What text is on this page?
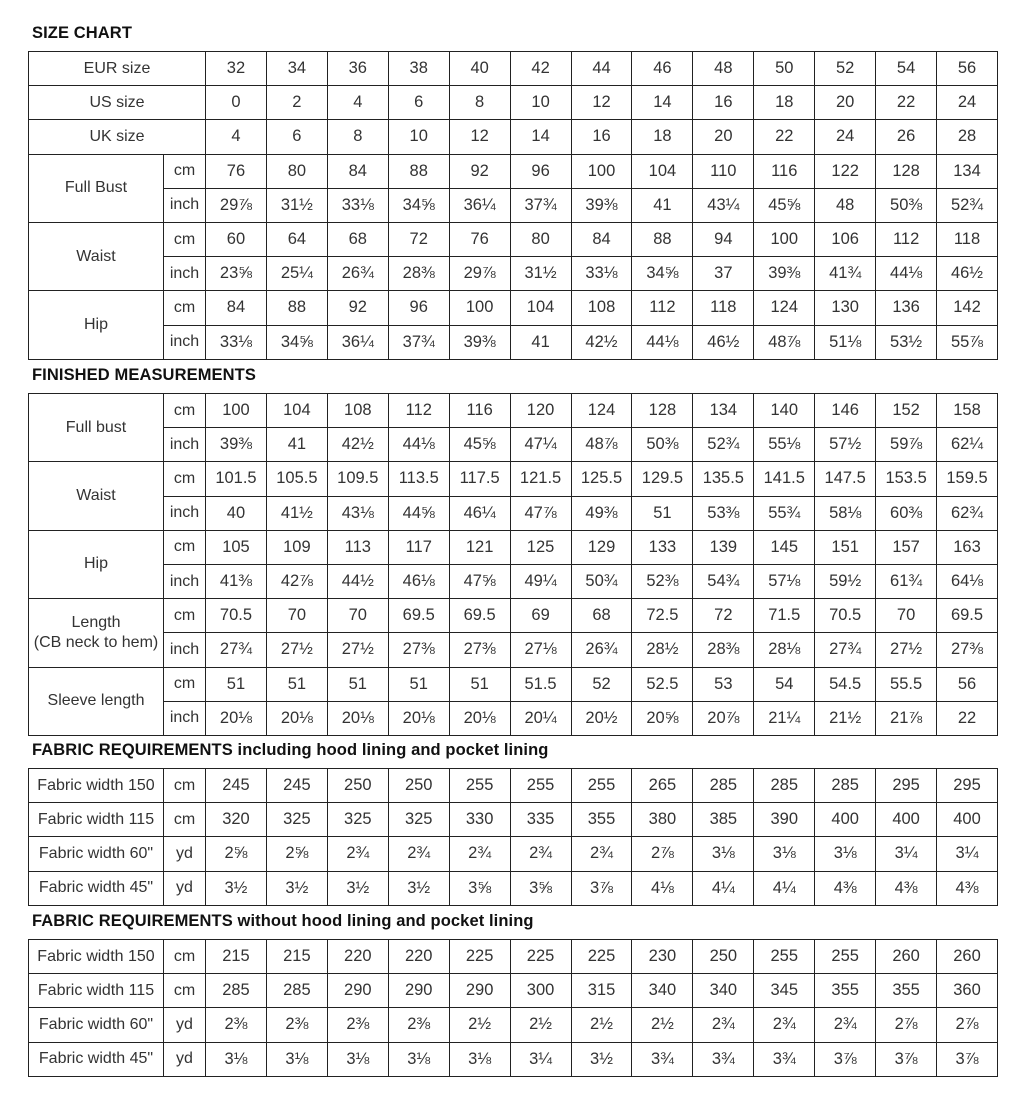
SIZE CHART
EUR size		32	34	36	38	40	42	44	46	48	50	52	54	56
US size		0	2	4	6	8	10	12	14	16	18	20	22	24
UK size		4	6	8	10	12	14	16	18	20	22	24	26	28

Full Bust	cm	76	80	84	88	92	96	100	104	110	116	122	128	134
	inch	29⅞	31½	33⅛	34⅝	36¼	37¾	39⅜	41	43¼	45⅝	48	50⅜	52¾

Waist	cm	60	64	68	72	76	80	84	88	94	100	106	112	118
	inch	23⅝	25¼	26¾	28⅜	29⅞	31½	33⅛	34⅝	37	39⅜	41¾	44⅛	46½

Hip	cm	84	88	92	96	100	104	108	112	118	124	130	136	142
	inch	33⅛	34⅝	36¼	37¾	39⅜	41	42½	44⅛	46½	48⅞	51⅛	53½	55⅞
FINISHED MEASUREMENTS
Full bust	cm	100	104	108	112	116	120	124	128	134	140	146	152	158
	inch	39⅜	41	42½	44⅛	45⅝	47¼	48⅞	50⅜	52¾	55⅛	57½	59⅞	62¼

Waist	cm	101.5	105.5	109.5	113.5	117.5	121.5	125.5	129.5	135.5	141.5	147.5	153.5	159.5
	inch	40	41½	43⅛	44⅝	46¼	47⅞	49⅜	51	53⅜	55¾	58⅛	60⅜	62¾

Hip	cm	105	109	113	117	121	125	129	133	139	145	151	157	163
	inch	41⅜	42⅞	44½	46⅛	47⅝	49¼	50¾	52⅜	54¾	57⅛	59½	61¾	64⅛

Length
(CB neck to hem)	cm	70.5	70	70	69.5	69.5	69	68	72.5	72	71.5	70.5	70	69.5
	inch	27¾	27½	27½	27⅜	27⅜	27⅛	26¾	28½	28⅜	28⅛	27¾	27½	27⅜

Sleeve length	cm	51	51	51	51	51	51.5	52	52.5	53	54	54.5	55.5	56
	inch	20⅛	20⅛	20⅛	20⅛	20⅛	20¼	20½	20⅝	20⅞	21¼	21½	21⅞	22
FABRIC REQUIREMENTS including hood lining and pocket lining
Fabric width 150	cm	245	245	250	250	255	255	255	265	285	285	285	295	295
Fabric width 115	cm	320	325	325	325	330	335	355	380	385	390	400	400	400
Fabric width 60"	yd	2⅝	2⅝	2¾	2¾	2¾	2¾	2¾	2⅞	3⅛	3⅛	3⅛	3¼	3¼
Fabric width 45"	yd	3½	3½	3½	3½	3⅝	3⅝	3⅞	4⅛	4¼	4¼	4⅜	4⅜	4⅜
FABRIC REQUIREMENTS without hood lining and pocket lining
Fabric width 150	cm	215	215	220	220	225	225	225	230	250	255	255	260	260
Fabric width 115	cm	285	285	290	290	290	300	315	340	340	345	355	355	360
Fabric width 60"	yd	2⅜	2⅜	2⅜	2⅜	2½	2½	2½	2½	2¾	2¾	2¾	2⅞	2⅞
Fabric width 45"	yd	3⅛	3⅛	3⅛	3⅛	3⅛	3¼	3½	3¾	3¾	3¾	3⅞	3⅞	3⅞
